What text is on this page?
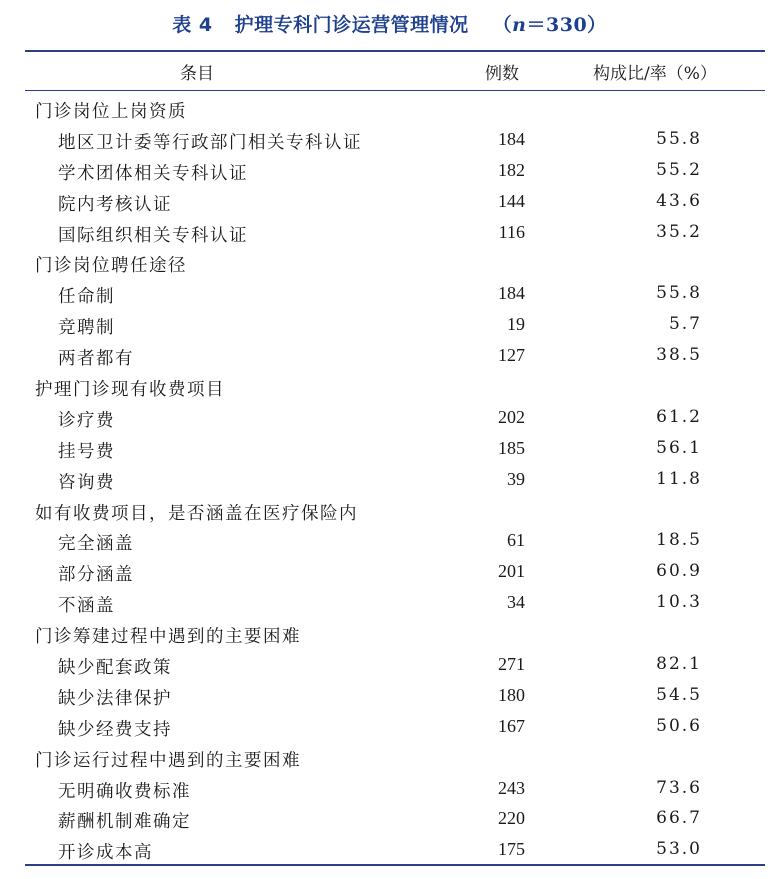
表 4 护理专科门诊运营管理情况 （n＝330）
条目	例数	构成比/率（%）
门诊岗位上岗资质
地区卫计委等行政部门相关专科认证	184	55.8
学术团体相关专科认证	182	55.2
院内考核认证	144	43.6
国际组织相关专科认证	116	35.2
门诊岗位聘任途径
任命制	184	55.8
竞聘制	19	5.7
两者都有	127	38.5
护理门诊现有收费项目
诊疗费	202	61.2
挂号费	185	56.1
咨询费	39	11.8
如有收费项目，是否涵盖在医疗保险内
完全涵盖	61	18.5
部分涵盖	201	60.9
不涵盖	34	10.3
门诊筹建过程中遇到的主要困难
缺少配套政策	271	82.1
缺少法律保护	180	54.5
缺少经费支持	167	50.6
门诊运行过程中遇到的主要困难
无明确收费标准	243	73.6
薪酬机制难确定	220	66.7
开诊成本高	175	53.0
